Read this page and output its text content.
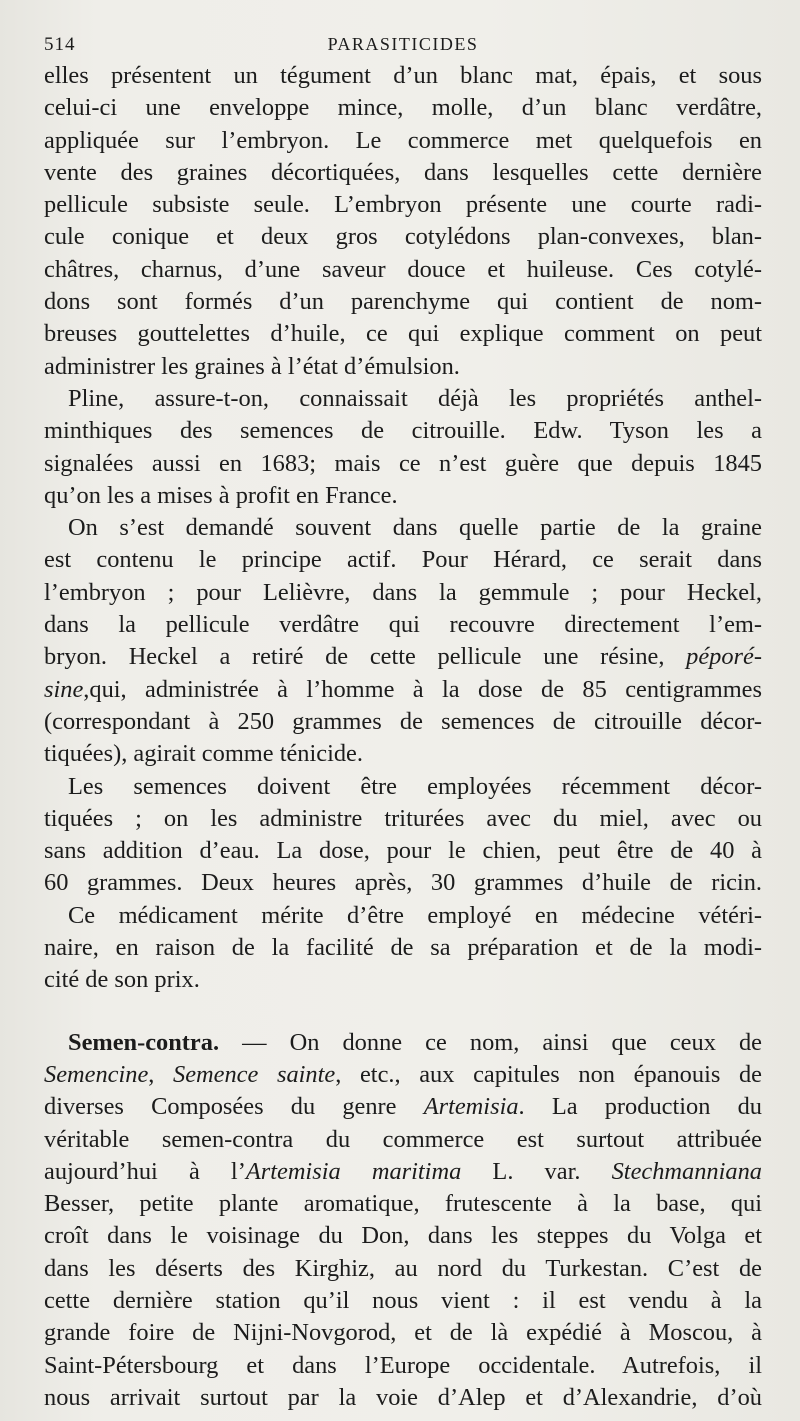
514	PARASITICIDES

elles présentent un tégument d’un blanc mat, épais, et sous
celui-ci une enveloppe mince, molle, d’un blanc verdâtre,
appliquée sur l’embryon. Le commerce met quelquefois en
vente des graines décortiquées, dans lesquelles cette dernière
pellicule subsiste seule. L’embryon présente une courte radi-
cule conique et deux gros cotylédons plan-convexes, blan-
châtres, charnus, d’une saveur douce et huileuse. Ces cotylé-
dons sont formés d’un parenchyme qui contient de nom-
breuses gouttelettes d’huile, ce qui explique comment on peut
administrer les graines à l’état d’émulsion.

Pline, assure-t-on, connaissait déjà les propriétés anthel-
minthiques des semences de citrouille. Edw. Tyson les a
signalées aussi en 1683; mais ce n’est guère que depuis 1845
qu’on les a mises à profit en France.

On s’est demandé souvent dans quelle partie de la graine
est contenu le principe actif. Pour Hérard, ce serait dans
l’embryon ; pour Lelièvre, dans la gemmule ; pour Heckel,
dans la pellicule verdâtre qui recouvre directement l’em-
bryon. Heckel a retiré de cette pellicule une résine, péporé-
sine,qui, administrée à l’homme à la dose de 85 centigrammes
(correspondant à 250 grammes de semences de citrouille décor-
tiquées), agirait comme ténicide.

Les semences doivent être employées récemment décor-
tiquées ; on les administre triturées avec du miel, avec ou
sans addition d’eau. La dose, pour le chien, peut être de 40 à
60 grammes. Deux heures après, 30 grammes d’huile de ricin.

Ce médicament mérite d’être employé en médecine vétéri-
naire, en raison de la facilité de sa préparation et de la modi-
cité de son prix.

Semen-contra. — On donne ce nom, ainsi que ceux de
Semencine, Semence sainte, etc., aux capitules non épanouis de
diverses Composées du genre Artemisia. La production du
véritable semen-contra du commerce est surtout attribuée
aujourd’hui à l’Artemisia maritima L. var. Stechmanniana
Besser, petite plante aromatique, frutescente à la base, qui
croît dans le voisinage du Don, dans les steppes du Volga et
dans les déserts des Kirghiz, au nord du Turkestan. C’est de
cette dernière station qu’il nous vient : il est vendu à la
grande foire de Nijni-Novgorod, et de là expédié à Moscou, à
Saint-Pétersbourg et dans l’Europe occidentale. Autrefois, il
nous arrivait surtout par la voie d’Alep et d’Alexandrie, d’où
